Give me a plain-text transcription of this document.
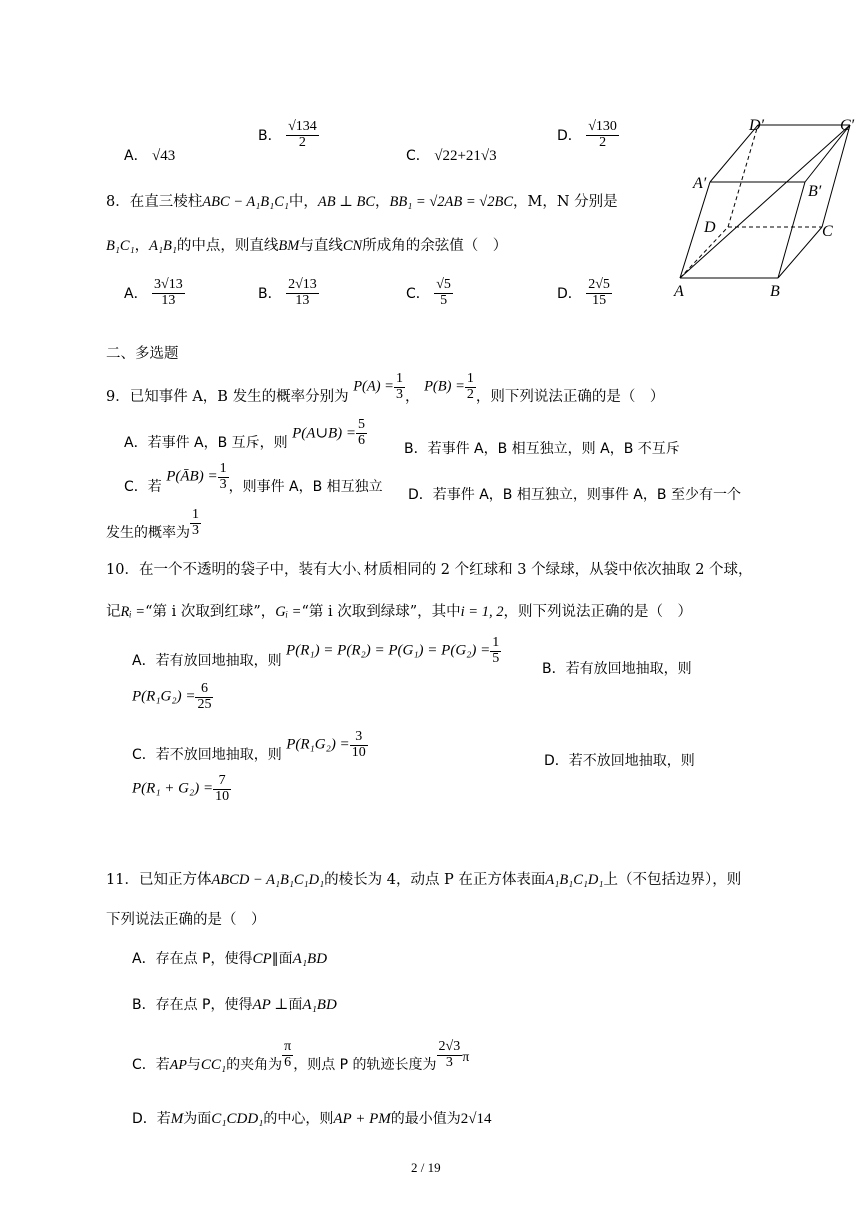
A． √43
B． $\frac{√134}{2}$
C． √22+21√3
D． $\frac{√130}{2}$
8．在直三棱柱ABC − A₁B₁C₁中，AB ⊥ BC，BB₁ = √2AB = √2BC，M，N 分别是
B₁C₁，A₁B₁的中点，则直线BM与直线CN所成角的余弦值（　）
A． $\frac{3√13}{13}$	B． $\frac{2√13}{13}$	C． $\frac{√5}{5}$	D． $\frac{2√5}{15}$
D′	C′
A′	B′
D	C
A	B
二、多选题
9．已知事件 A，B 发生的概率分别为 $P(A) = \frac{1}{3}$ ， $P(B) = \frac{1}{2}$ ，则下列说法正确的是（　）
A．若事件 A，B 互斥，则 P(A∪B) = $\frac{5}{6}$
B．若事件 A，B 相互独立，则 A，B 不互斥
C．若 P(ĀB) = $\frac{1}{3}$ ，则事件 A，B 相互独立 D．若事件 A，B 相互独立，则事件 A，B 至少有一个
发生的概率为 $\frac{1}{3}$
10．在一个不透明的袋子中，装有大小､材质相同的 2 个红球和 3 个绿球，从袋中依次抽取 2 个球，
记Rᵢ =“第 i 次取到红球”，Gᵢ =“第 i 次取到绿球”，其中i = 1, 2，则下列说法正确的是（　）
A．若有放回地抽取，则 $P(R_1) = P(R_2) = P(G_1) = P(G_2) = \frac{1}{5}$
B．若有放回地抽取，则
$P(R_1G_2) = \frac{6}{25}$
C．若不放回地抽取，则 $P(R_1G_2) = \frac{3}{10}$
D．若不放回地抽取，则
$P(R_1 + G_2) = \frac{7}{10}$
11．已知正方体ABCD − A₁B₁C₁D₁的棱长为 4，动点 P 在正方体表面A₁B₁C₁D₁上（不包括边界），则
下列说法正确的是（　）
A．存在点 P，使得CP∥面A₁BD
B．存在点 P，使得AP ⊥面A₁BD
C．若AP与CC₁的夹角为 $\frac{\pi}{6}$ ，则点 P 的轨迹长度为 $\frac{2√3}{3}$ π
D．若M为面C₁CDD₁的中心，则AP + PM的最小值为2√14
2 / 19
